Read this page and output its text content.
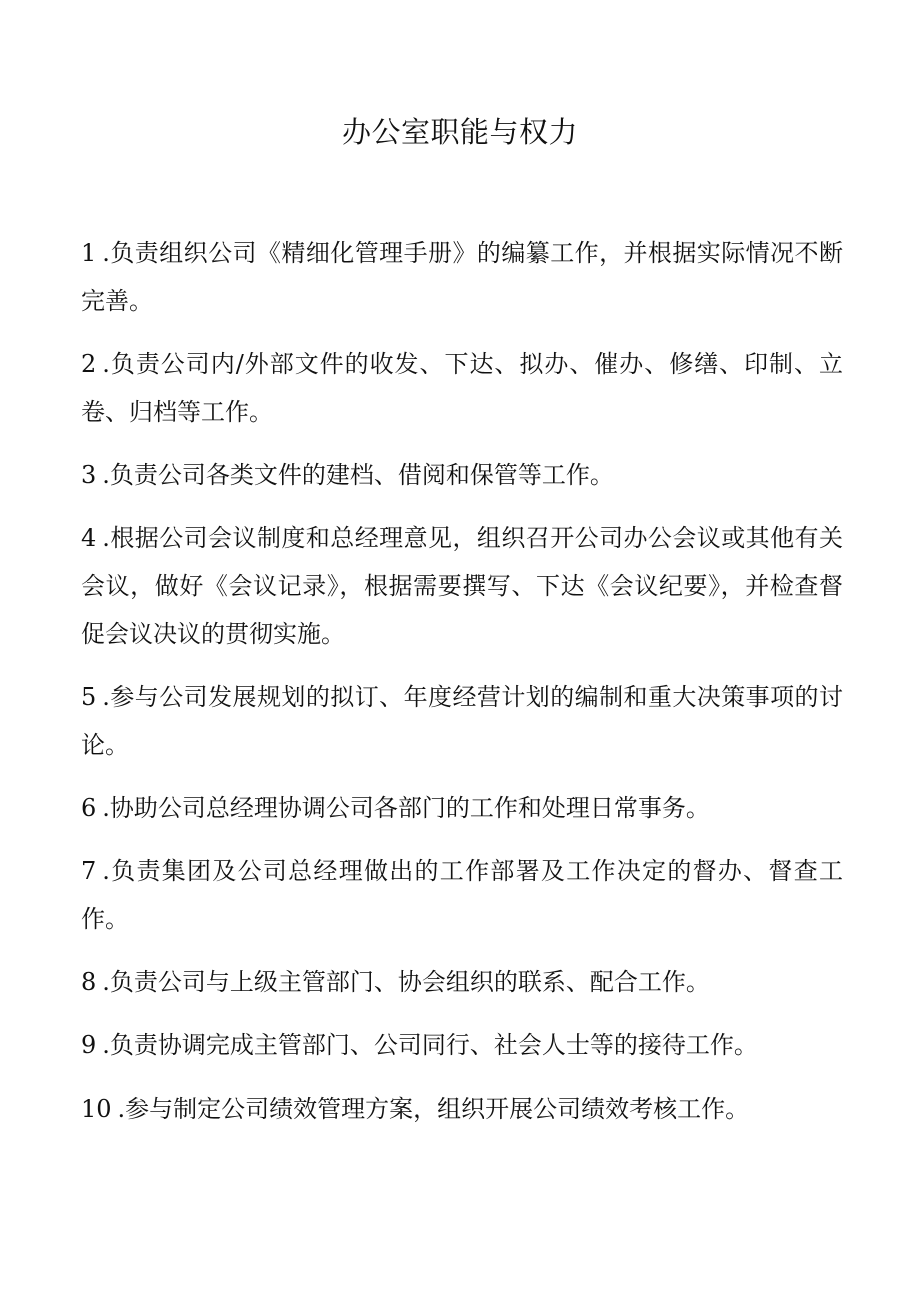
办公室职能与权力
1 .负责组织公司《精细化管理手册》的编纂工作，并根据实际情况不断完善。
2 .负责公司内/外部文件的收发、下达、拟办、催办、修缮、印制、立卷、归档等工作。
3 .负责公司各类文件的建档、借阅和保管等工作。
4 .根据公司会议制度和总经理意见，组织召开公司办公会议或其他有关会议，做好《会议记录》，根据需要撰写、下达《会议纪要》，并检查督促会议决议的贯彻实施。
5 .参与公司发展规划的拟订、年度经营计划的编制和重大决策事项的讨论。
6 .协助公司总经理协调公司各部门的工作和处理日常事务。
7 .负责集团及公司总经理做出的工作部署及工作决定的督办、督查工作。
8 .负责公司与上级主管部门、协会组织的联系、配合工作。
9 .负责协调完成主管部门、公司同行、社会人士等的接待工作。
10 .参与制定公司绩效管理方案，组织开展公司绩效考核工作。
